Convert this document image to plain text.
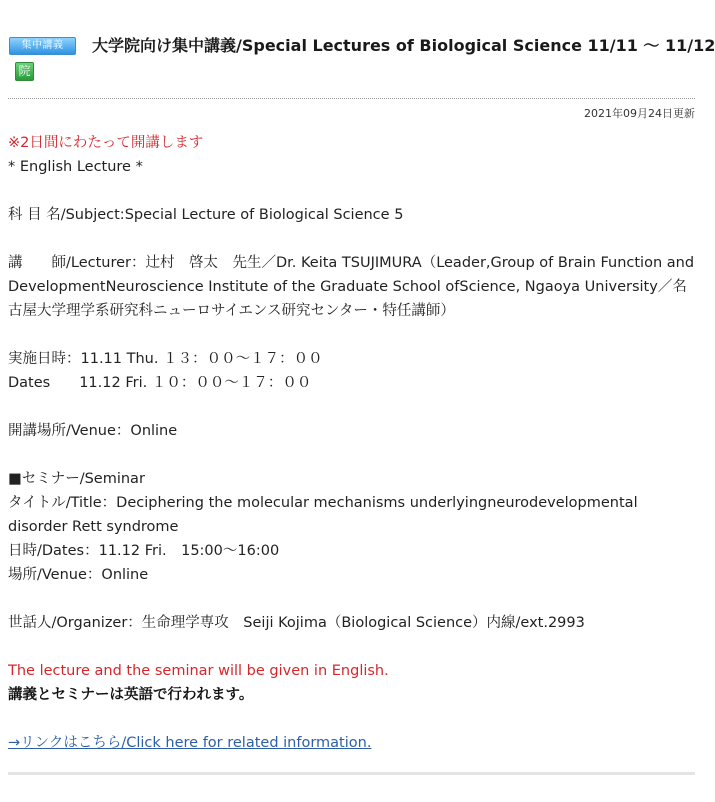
集中講義
院
大学院向け集中講義/Special Lectures of Biological Science 11/11 ～ 11/12
2021年09月24日更新
※2日間にわたって開講します
* English Lecture *
科 目 名/Subject:Special Lecture of Biological Science 5
講　　師/Lecturer：辻村　啓太　先生／Dr. Keita TSUJIMURA（Leader,Group of Brain Function and DevelopmentNeuroscience Institute of the Graduate School ofScience, Ngaoya University／名古屋大学理学系研究科ニューロサイエンス研究センター・特任講師）
実施日時：11.11 Thu. １３：００～１７：００
Dates　　11.12 Fri. １０：００～１７：００
開講場所/Venue：Online
■セミナー/Seminar
タイトル/Title：Deciphering the molecular mechanisms underlyingneurodevelopmental disorder Rett syndrome
日時/Dates：11.12 Fri.　15:00～16:00
場所/Venue：Online
世話人/Organizer：生命理学専攻　Seiji Kojima（Biological Science）内線/ext.2993
The lecture and the seminar will be given in English.
講義とセミナーは英語で行われます。
→リンクはこちら/Click here for related information.
